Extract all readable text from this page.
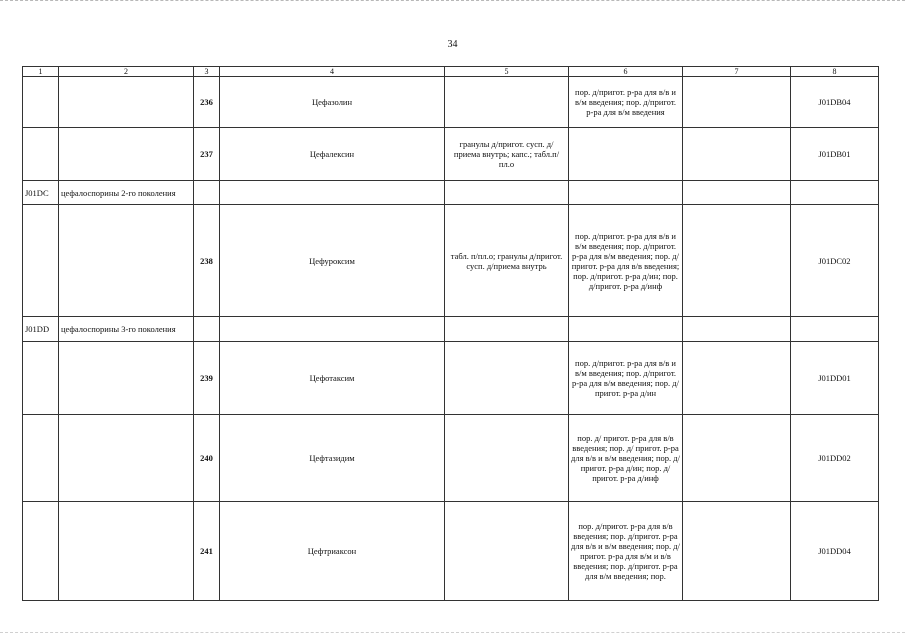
34
1	2	3	4	5	6	7	8
		236	Цефазолин		пор. д/пригот. р-ра для в/в и в/м введения; пор. д/пригот. р-ра для в/м введения		J01DB04
		237	Цефалексин	гранулы д/пригот. сусп. д/приема внутрь; капс.; табл.п/пл.о			J01DB01
J01DC	цефалоспорины 2-го поколения						
		238	Цефуроксим	табл. п/пл.о; гранулы д/пригот. сусп. д/приема внутрь	пор. д/пригот. р-ра для в/в и в/м введения; пор. д/пригот. р-ра для в/м введения; пор. д/пригот. р-ра для в/в введения; пор. д/пригот. р-ра д/ин; пор. д/пригот. р-ра д/инф		J01DC02
J01DD	цефалоспорины 3-го поколения						
		239	Цефотаксим		пор. д/пригот. р-ра для в/в и в/м введения; пор. д/пригот. р-ра для в/м введения; пор. д/пригот. р-ра д/ин		J01DD01
		240	Цефтазидим		пор. д/ пригот. р-ра для в/в введения; пор. д/ пригот. р-ра для в/в и в/м введения; пор. д/пригот. р-ра д/ин; пор. д/пригот. р-ра д/инф		J01DD02
		241	Цефтриаксон		пор. д/пригот. р-ра для в/в введения; пор. д/пригот. р-ра для в/в и в/м введения; пор. д/пригот. р-ра для в/м и в/в введения; пор. д/пригот. р-ра для в/м введения; пор.		J01DD04
